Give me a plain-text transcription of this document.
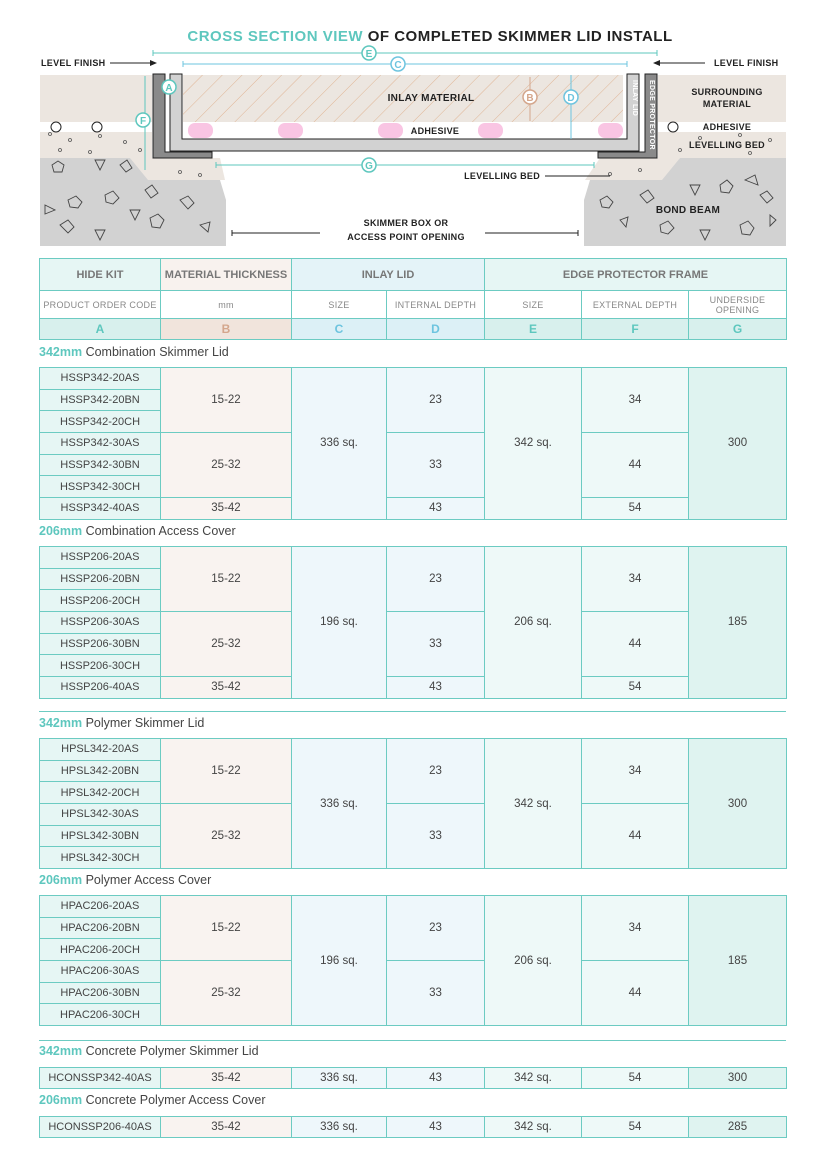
CROSS SECTION VIEW OF COMPLETED SKIMMER LID INSTALL
INLAY LID EDGE PROTECTOR
E
C
A
F
B	D
G
LEVEL FINISH	LEVEL FINISH
INLAY MATERIAL
ADHESIVE
SURROUNDING
MATERIAL
ADHESIVE
LEVELLING BED
LEVELLING BED
BOND BEAM
SKIMMER BOX OR
ACCESS POINT OPENING
HIDE KIT	MATERIAL THICKNESS	INLAY LID		EDGE PROTECTOR FRAME		
PRODUCT ORDER CODE	mm	SIZE	INTERNAL DEPTH	SIZE	EXTERNAL DEPTH	UNDERSIDE OPENING
A	B	C	D	E	F	G
342mm Combination Skimmer Lid
HSSP342-20AS	15-22	336 sq.	23	342 sq.	34	300
HSSP342-20BN						
HSSP342-20CH						
HSSP342-30AS	25-32		33		44	
HSSP342-30BN						
HSSP342-30CH						
HSSP342-40AS	35-42		43		54	
206mm Combination Access Cover
HSSP206-20AS	15-22	196 sq.	23	206 sq.	34	185
HSSP206-20BN						
HSSP206-20CH						
HSSP206-30AS	25-32		33		44	
HSSP206-30BN						
HSSP206-30CH						
HSSP206-40AS	35-42		43		54	
342mm Polymer Skimmer Lid
HPSL342-20AS	15-22	336 sq.	23	342 sq.	34	300
HPSL342-20BN						
HPSL342-20CH						
HPSL342-30AS	25-32		33		44	
HPSL342-30BN						
HPSL342-30CH						
206mm Polymer Access Cover
HPAC206-20AS	15-22	196 sq.	23	206 sq.	34	185
HPAC206-20BN						
HPAC206-20CH						
HPAC206-30AS	25-32		33		44	
HPAC206-30BN						
HPAC206-30CH						
342mm Concrete Polymer Skimmer Lid
HCONSSP342-40AS	35-42	336 sq.	43	342 sq.	54	300
206mm Concrete Polymer Access Cover
HCONSSP206-40AS	35-42	336 sq.	43	342 sq.	54	285
